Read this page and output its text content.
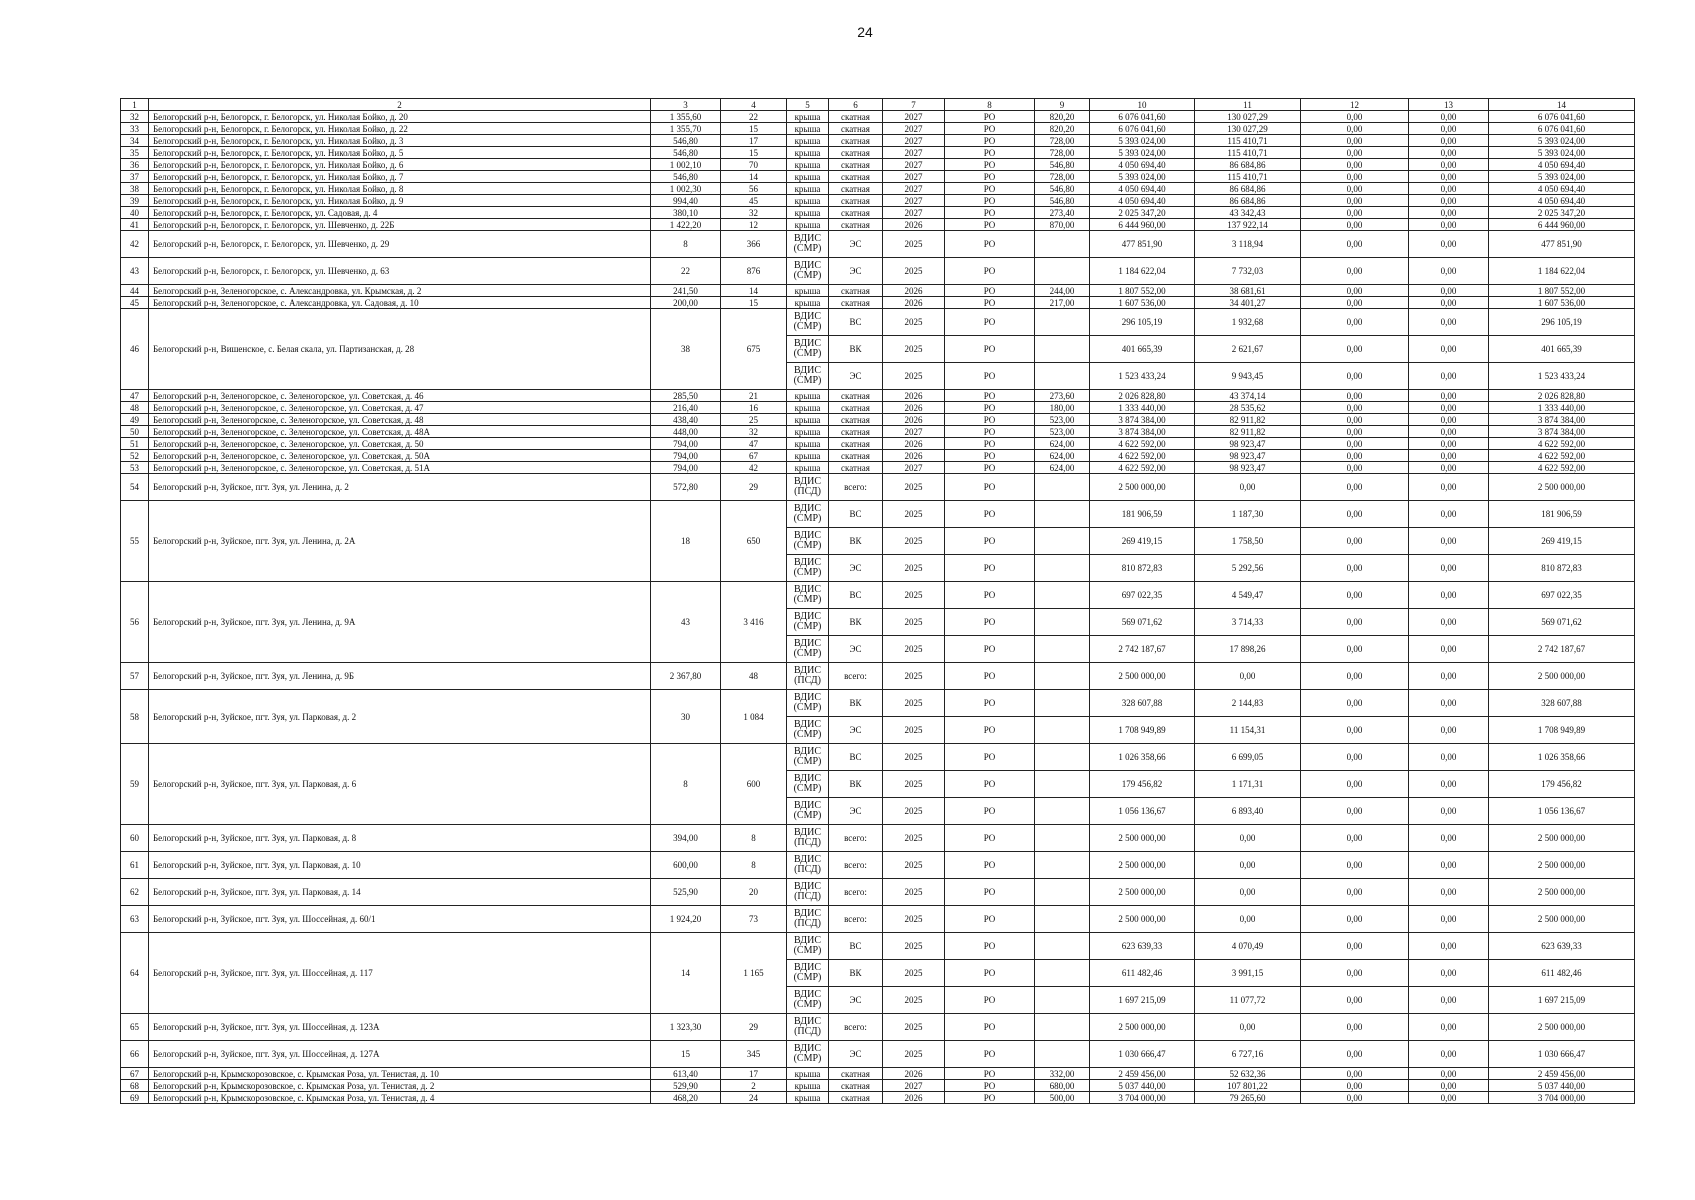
24
1	2	3	4	5	6	7	8	9	10	11	12	13	14
32	Белогорский р-н, Белогорск, г. Белогорск, ул. Николая Бойко, д. 20	1 355,60	22	крыша	скатная	2027	РО	820,20	6 076 041,60	130 027,29	0,00	0,00	6 076 041,60
33	Белогорский р-н, Белогорск, г. Белогорск, ул. Николая Бойко, д. 22	1 355,70	15	крыша	скатная	2027	РО	820,20	6 076 041,60	130 027,29	0,00	0,00	6 076 041,60
34	Белогорский р-н, Белогорск, г. Белогорск, ул. Николая Бойко, д. 3	546,80	17	крыша	скатная	2027	РО	728,00	5 393 024,00	115 410,71	0,00	0,00	5 393 024,00
35	Белогорский р-н, Белогорск, г. Белогорск, ул. Николая Бойко, д. 5	546,80	15	крыша	скатная	2027	РО	728,00	5 393 024,00	115 410,71	0,00	0,00	5 393 024,00
36	Белогорский р-н, Белогорск, г. Белогорск, ул. Николая Бойко, д. 6	1 002,10	70	крыша	скатная	2027	РО	546,80	4 050 694,40	86 684,86	0,00	0,00	4 050 694,40
37	Белогорский р-н, Белогорск, г. Белогорск, ул. Николая Бойко, д. 7	546,80	14	крыша	скатная	2027	РО	728,00	5 393 024,00	115 410,71	0,00	0,00	5 393 024,00
38	Белогорский р-н, Белогорск, г. Белогорск, ул. Николая Бойко, д. 8	1 002,30	56	крыша	скатная	2027	РО	546,80	4 050 694,40	86 684,86	0,00	0,00	4 050 694,40
39	Белогорский р-н, Белогорск, г. Белогорск, ул. Николая Бойко, д. 9	994,40	45	крыша	скатная	2027	РО	546,80	4 050 694,40	86 684,86	0,00	0,00	4 050 694,40
40	Белогорский р-н, Белогорск, г. Белогорск, ул. Садовая, д. 4	380,10	32	крыша	скатная	2027	РО	273,40	2 025 347,20	43 342,43	0,00	0,00	2 025 347,20
41	Белогорский р-н, Белогорск, г. Белогорск, ул. Шевченко, д. 22Б	1 422,20	12	крыша	скатная	2026	РО	870,00	6 444 960,00	137 922,14	0,00	0,00	6 444 960,00
42	Белогорский р-н, Белогорск, г. Белогорск, ул. Шевченко, д. 29	8	366	ВДИС (СМР)	ЭС	2025	РО		477 851,90	3 118,94	0,00	0,00	477 851,90
43	Белогорский р-н, Белогорск, г. Белогорск, ул. Шевченко, д. 63	22	876	ВДИС (СМР)	ЭС	2025	РО		1 184 622,04	7 732,03	0,00	0,00	1 184 622,04
44	Белогорский р-н, Зеленогорское, с. Александровка, ул. Крымская, д. 2	241,50	14	крыша	скатная	2026	РО	244,00	1 807 552,00	38 681,61	0,00	0,00	1 807 552,00
45	Белогорский р-н, Зеленогорское, с. Александровка, ул. Садовая, д. 10	200,00	15	крыша	скатная	2026	РО	217,00	1 607 536,00	34 401,27	0,00	0,00	1 607 536,00
46	Белогорский р-н, Вишенское, с. Белая скала, ул. Партизанская, д. 28	38	675	ВДИС (СМР)	ВС	2025	РО		296 105,19	1 932,68	0,00	0,00	296 105,19
				ВДИС (СМР)	ВК	2025	РО		401 665,39	2 621,67	0,00	0,00	401 665,39
				ВДИС (СМР)	ЭС	2025	РО		1 523 433,24	9 943,45	0,00	0,00	1 523 433,24
47	Белогорский р-н, Зеленогорское, с. Зеленогорское, ул. Советская, д. 46	285,50	21	крыша	скатная	2026	РО	273,60	2 026 828,80	43 374,14	0,00	0,00	2 026 828,80
48	Белогорский р-н, Зеленогорское, с. Зеленогорское, ул. Советская, д. 47	216,40	16	крыша	скатная	2026	РО	180,00	1 333 440,00	28 535,62	0,00	0,00	1 333 440,00
49	Белогорский р-н, Зеленогорское, с. Зеленогорское, ул. Советская, д. 48	438,40	25	крыша	скатная	2026	РО	523,00	3 874 384,00	82 911,82	0,00	0,00	3 874 384,00
50	Белогорский р-н, Зеленогорское, с. Зеленогорское, ул. Советская, д. 48А	448,00	32	крыша	скатная	2027	РО	523,00	3 874 384,00	82 911,82	0,00	0,00	3 874 384,00
51	Белогорский р-н, Зеленогорское, с. Зеленогорское, ул. Советская, д. 50	794,00	47	крыша	скатная	2026	РО	624,00	4 622 592,00	98 923,47	0,00	0,00	4 622 592,00
52	Белогорский р-н, Зеленогорское, с. Зеленогорское, ул. Советская, д. 50А	794,00	67	крыша	скатная	2026	РО	624,00	4 622 592,00	98 923,47	0,00	0,00	4 622 592,00
53	Белогорский р-н, Зеленогорское, с. Зеленогорское, ул. Советская, д. 51А	794,00	42	крыша	скатная	2027	РО	624,00	4 622 592,00	98 923,47	0,00	0,00	4 622 592,00
54	Белогорский р-н, Зуйское, пгт. Зуя, ул. Ленина, д. 2	572,80	29	ВДИС (ПСД)	всего:	2025	РО		2 500 000,00	0,00	0,00	0,00	2 500 000,00
55	Белогорский р-н, Зуйское, пгт. Зуя, ул. Ленина, д. 2А	18	650	ВДИС (СМР)	ВС	2025	РО		181 906,59	1 187,30	0,00	0,00	181 906,59
				ВДИС (СМР)	ВК	2025	РО		269 419,15	1 758,50	0,00	0,00	269 419,15
				ВДИС (СМР)	ЭС	2025	РО		810 872,83	5 292,56	0,00	0,00	810 872,83
56	Белогорский р-н, Зуйское, пгт. Зуя, ул. Ленина, д. 9А	43	3 416	ВДИС (СМР)	ВС	2025	РО		697 022,35	4 549,47	0,00	0,00	697 022,35
				ВДИС (СМР)	ВК	2025	РО		569 071,62	3 714,33	0,00	0,00	569 071,62
				ВДИС (СМР)	ЭС	2025	РО		2 742 187,67	17 898,26	0,00	0,00	2 742 187,67
57	Белогорский р-н, Зуйское, пгт. Зуя, ул. Ленина, д. 9Б	2 367,80	48	ВДИС (ПСД)	всего:	2025	РО		2 500 000,00	0,00	0,00	0,00	2 500 000,00
58	Белогорский р-н, Зуйское, пгт. Зуя, ул. Парковая, д. 2	30	1 084	ВДИС (СМР)	ВК	2025	РО		328 607,88	2 144,83	0,00	0,00	328 607,88
				ВДИС (СМР)	ЭС	2025	РО		1 708 949,89	11 154,31	0,00	0,00	1 708 949,89
59	Белогорский р-н, Зуйское, пгт. Зуя, ул. Парковая, д. 6	8	600	ВДИС (СМР)	ВС	2025	РО		1 026 358,66	6 699,05	0,00	0,00	1 026 358,66
				ВДИС (СМР)	ВК	2025	РО		179 456,82	1 171,31	0,00	0,00	179 456,82
				ВДИС (СМР)	ЭС	2025	РО		1 056 136,67	6 893,40	0,00	0,00	1 056 136,67
60	Белогорский р-н, Зуйское, пгт. Зуя, ул. Парковая, д. 8	394,00	8	ВДИС (ПСД)	всего:	2025	РО		2 500 000,00	0,00	0,00	0,00	2 500 000,00
61	Белогорский р-н, Зуйское, пгт. Зуя, ул. Парковая, д. 10	600,00	8	ВДИС (ПСД)	всего:	2025	РО		2 500 000,00	0,00	0,00	0,00	2 500 000,00
62	Белогорский р-н, Зуйское, пгт. Зуя, ул. Парковая, д. 14	525,90	20	ВДИС (ПСД)	всего:	2025	РО		2 500 000,00	0,00	0,00	0,00	2 500 000,00
63	Белогорский р-н, Зуйское, пгт. Зуя, ул. Шоссейная, д. 60/1	1 924,20	73	ВДИС (ПСД)	всего:	2025	РО		2 500 000,00	0,00	0,00	0,00	2 500 000,00
64	Белогорский р-н, Зуйское, пгт. Зуя, ул. Шоссейная, д. 117	14	1 165	ВДИС (СМР)	ВС	2025	РО		623 639,33	4 070,49	0,00	0,00	623 639,33
				ВДИС (СМР)	ВК	2025	РО		611 482,46	3 991,15	0,00	0,00	611 482,46
				ВДИС (СМР)	ЭС	2025	РО		1 697 215,09	11 077,72	0,00	0,00	1 697 215,09
65	Белогорский р-н, Зуйское, пгт. Зуя, ул. Шоссейная, д. 123А	1 323,30	29	ВДИС (ПСД)	всего:	2025	РО		2 500 000,00	0,00	0,00	0,00	2 500 000,00
66	Белогорский р-н, Зуйское, пгт. Зуя, ул. Шоссейная, д. 127А	15	345	ВДИС (СМР)	ЭС	2025	РО		1 030 666,47	6 727,16	0,00	0,00	1 030 666,47
67	Белогорский р-н, Крымскорозовское, с. Крымская Роза, ул. Тенистая, д. 10	613,40	17	крыша	скатная	2026	РО	332,00	2 459 456,00	52 632,36	0,00	0,00	2 459 456,00
68	Белогорский р-н, Крымскорозовское, с. Крымская Роза, ул. Тенистая, д. 2	529,90	2	крыша	скатная	2027	РО	680,00	5 037 440,00	107 801,22	0,00	0,00	5 037 440,00
69	Белогорский р-н, Крымскорозовское, с. Крымская Роза, ул. Тенистая, д. 4	468,20	24	крыша	скатная	2026	РО	500,00	3 704 000,00	79 265,60	0,00	0,00	3 704 000,00
